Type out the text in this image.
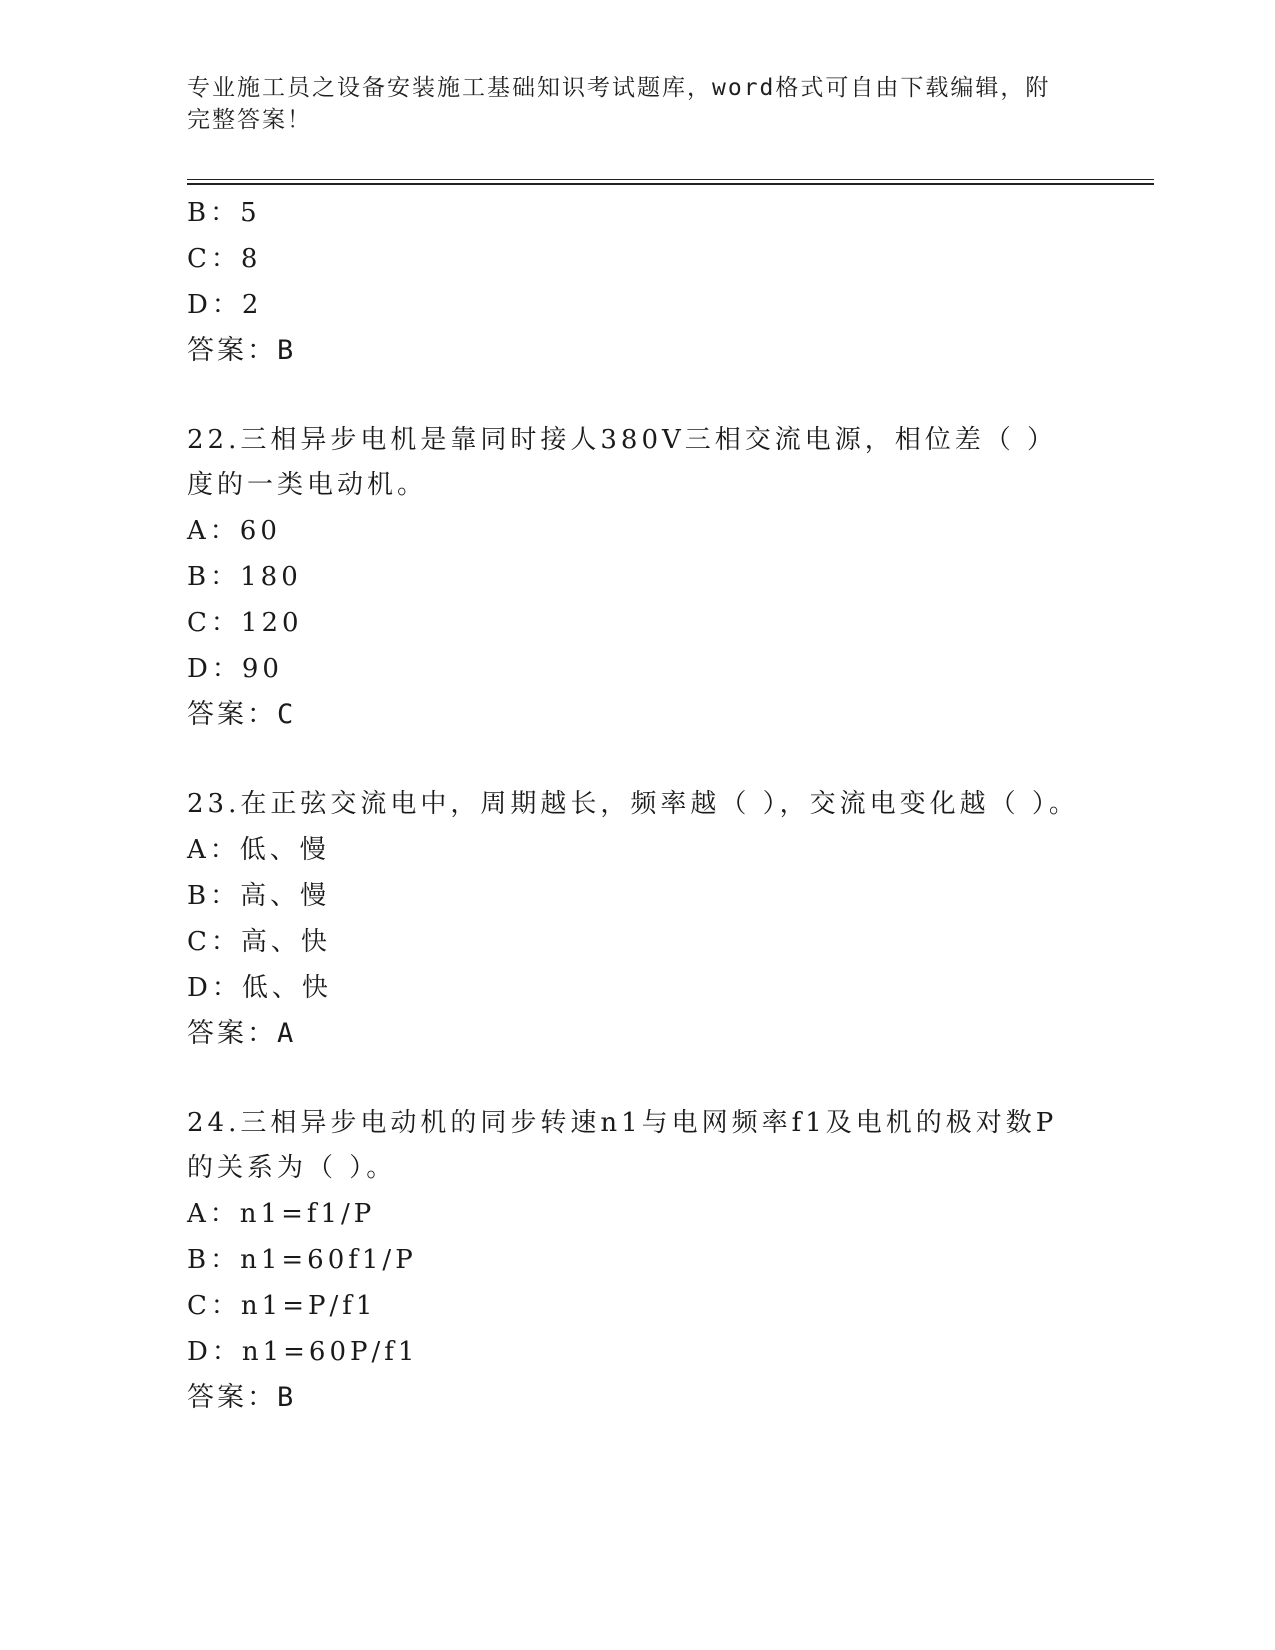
专业施工员之设备安装施工基础知识考试题库，word格式可自由下载编辑，附完整答案！
B：5
C：8
D：2
答案：B
22.三相异步电机是靠同时接人380V三相交流电源，相位差（ ）度的一类电动机。
A：60
B：180
C：120
D：90
答案：C
23.在正弦交流电中，周期越长，频率越（ ），交流电变化越（ ）。
A：低、慢
B：高、慢
C：高、快
D：低、快
答案：A
24.三相异步电动机的同步转速n1与电网频率f1及电机的极对数P的关系为（ ）。
A：n1=f1/P
B：n1=60f1/P
C：n1=P/f1
D：n1=60P/f1
答案：B
